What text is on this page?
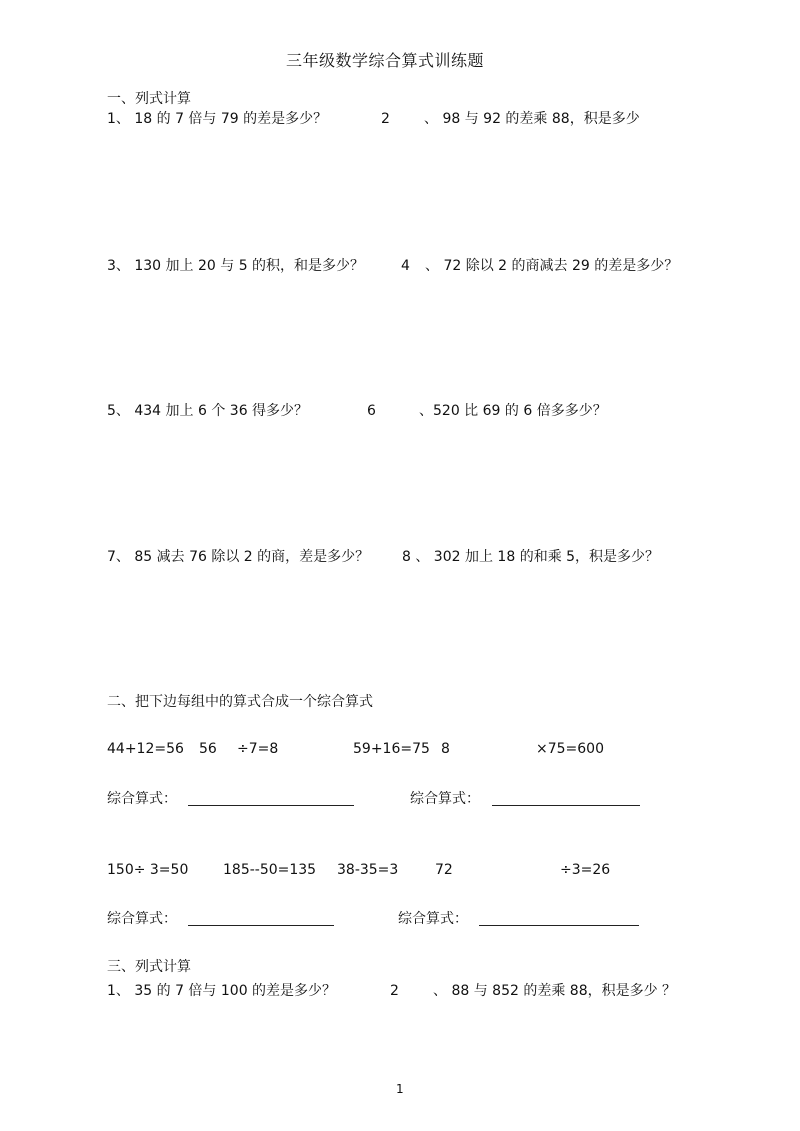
三年级数学综合算式训练题
一、列式计算
1、 18 的 7 倍与 79 的差是多少？	2 、 98 与 92 的差乘 88，积是多少
3、 130 加上 20 与 5 的积，和是多少？	4 、 72 除以 2 的商减去 29 的差是多少？
5、 434 加上 6 个 36 得多少？	6	、520 比 69 的 6 倍多多少？
7、 85 减去 76 除以 2 的商，差是多少？ 8 、 302 加上 18 的和乘 5，积是多少？
二、把下边每组中的算式合成一个综合算式
44+12=56 56 ÷7=8	59+16=75 8	×75=600
综合算式：	综合算式：
150÷ 3=50 185--50=135 38-35=3	72	÷3=26
综合算式：	综合算式：
三、列式计算
1、 35 的 7 倍与 100 的差是多少？	2 、 88 与 852 的差乘 88，积是多少 ？
1
